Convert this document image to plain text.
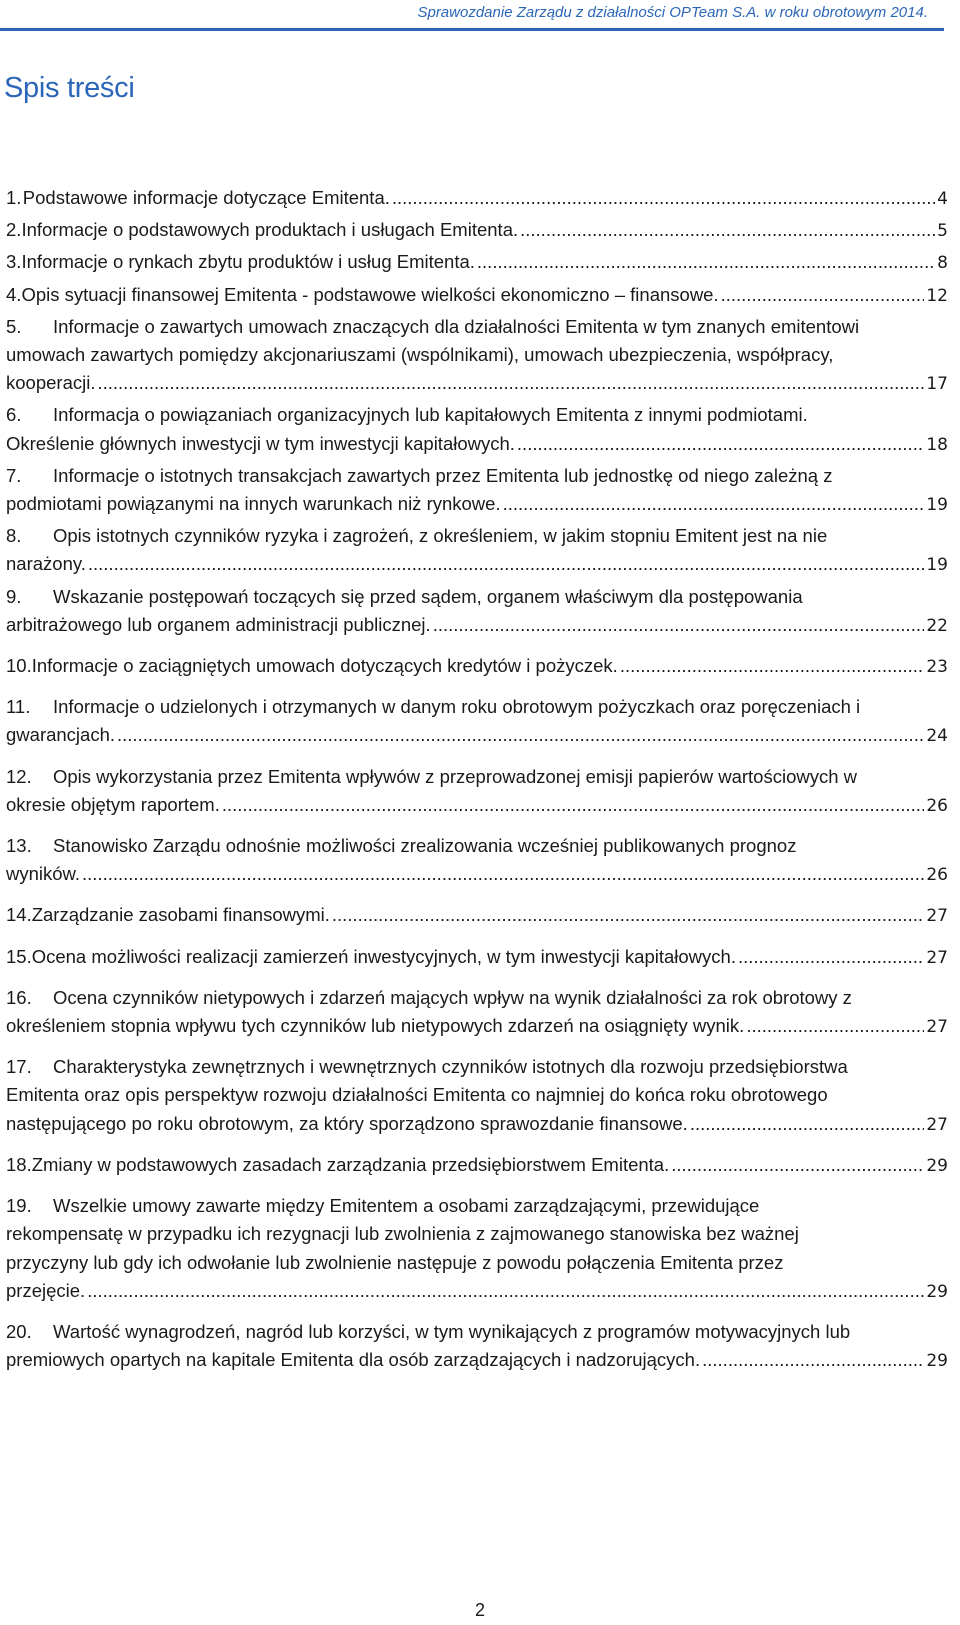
Sprawozdanie Zarządu z działalności OPTeam S.A. w roku obrotowym 2014.
Spis treści
1. Podstawowe informacje dotyczące Emitenta. .....	4
2. Informacje o podstawowych produktach i usługach Emitenta. .....	5
3. Informacje o rynkach zbytu produktów i usług Emitenta. .....	8
4. Opis sytuacji finansowej Emitenta - podstawowe wielkości ekonomiczno – finansowe. .....	12
5. Informacje o zawartych umowach znaczących dla działalności Emitenta w tym znanych emitentowi
umowach zawartych pomiędzy akcjonariuszami (wspólnikami), umowach ubezpieczenia, współpracy,
kooperacji. .....	17
6. Informacja o powiązaniach organizacyjnych lub kapitałowych Emitenta z innymi podmiotami.
Określenie głównych inwestycji w tym inwestycji kapitałowych. .....	18
7. Informacje o istotnych transakcjach zawartych przez Emitenta lub jednostkę od niego zależną z
podmiotami powiązanymi na innych warunkach niż rynkowe. .....	19
8. Opis istotnych czynników ryzyka i zagrożeń, z określeniem, w jakim stopniu Emitent jest na nie
narażony. .....	19
9. Wskazanie postępowań toczących się przed sądem, organem właściwym dla postępowania
arbitrażowego lub organem administracji publicznej. .....	22
10. Informacje o zaciągniętych umowach dotyczących kredytów i pożyczek. .....	23
11. Informacje o udzielonych i otrzymanych w danym roku obrotowym pożyczkach oraz poręczeniach i
gwarancjach. .....	24
12. Opis wykorzystania przez Emitenta wpływów z przeprowadzonej emisji papierów wartościowych w
okresie objętym raportem. .....	26
13. Stanowisko Zarządu odnośnie możliwości zrealizowania wcześniej publikowanych prognoz
wyników. .....	26
14. Zarządzanie zasobami finansowymi. .....	27
15. Ocena możliwości realizacji zamierzeń inwestycyjnych, w tym inwestycji kapitałowych. .....	27
16. Ocena czynników nietypowych i zdarzeń mających wpływ na wynik działalności za rok obrotowy z
określeniem stopnia wpływu tych czynników lub nietypowych zdarzeń na osiągnięty wynik. .....	27
17. Charakterystyka zewnętrznych i wewnętrznych czynników istotnych dla rozwoju przedsiębiorstwa
Emitenta oraz opis perspektyw rozwoju działalności Emitenta co najmniej do końca roku obrotowego
następującego po roku obrotowym, za który sporządzono sprawozdanie finansowe. .....	27
18. Zmiany w podstawowych zasadach zarządzania przedsiębiorstwem Emitenta. .....	29
19. Wszelkie umowy zawarte między Emitentem a osobami zarządzającymi, przewidujące
rekompensatę w przypadku ich rezygnacji lub zwolnienia z zajmowanego stanowiska bez ważnej
przyczyny lub gdy ich odwołanie lub zwolnienie następuje z powodu połączenia Emitenta przez
przejęcie. .....	29
20. Wartość wynagrodzeń, nagród lub korzyści, w tym wynikających z programów motywacyjnych lub
premiowych opartych na kapitale Emitenta dla osób zarządzających i nadzorujących. .....	29
2
